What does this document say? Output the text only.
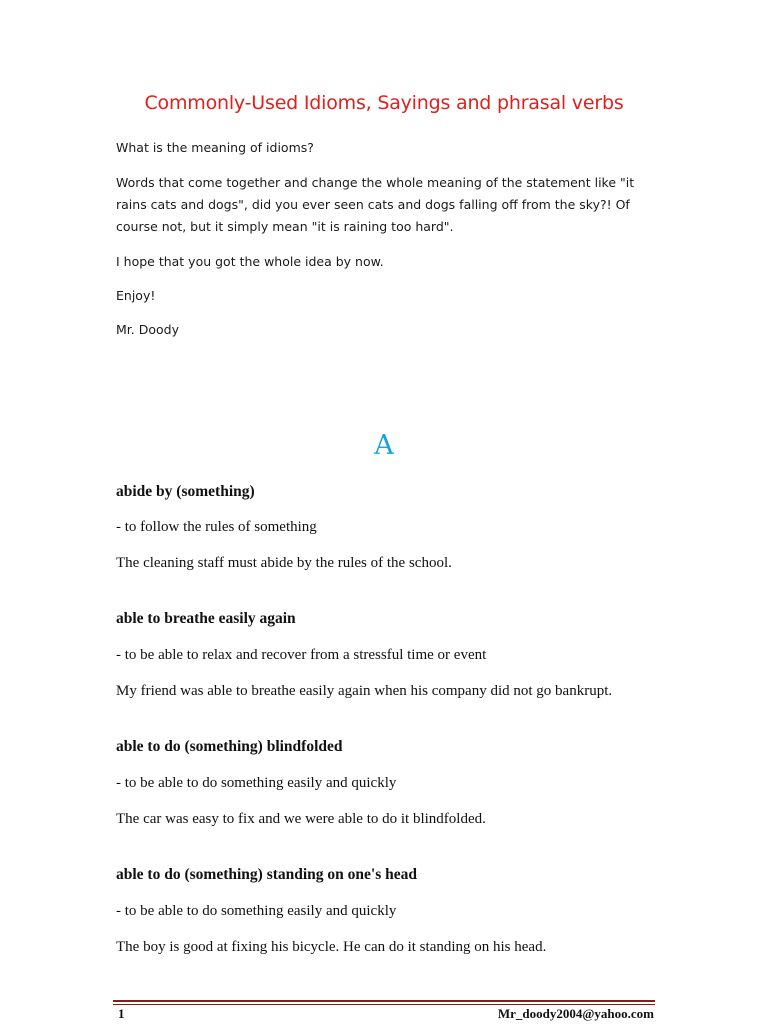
Commonly-Used Idioms, Sayings and phrasal verbs

What is the meaning of idioms?

Words that come together and change the whole meaning of the statement like "it

rains cats and dogs", did you ever seen cats and dogs falling off from the sky?! Of

course not, but it simply mean "it is raining too hard".

I hope that you got the whole idea by now.

Enjoy!

Mr. Doody

A

abide by (something)

- to follow the rules of something

The cleaning staff must abide by the rules of the school.

able to breathe easily again

- to be able to relax and recover from a stressful time or event

My friend was able to breathe easily again when his company did not go bankrupt.

able to do (something) blindfolded

- to be able to do something easily and quickly

The car was easy to fix and we were able to do it blindfolded.

able to do (something) standing on one's head

- to be able to do something easily and quickly

The boy is good at fixing his bicycle. He can do it standing on his head.

1	Mr_doody2004@yahoo.com
